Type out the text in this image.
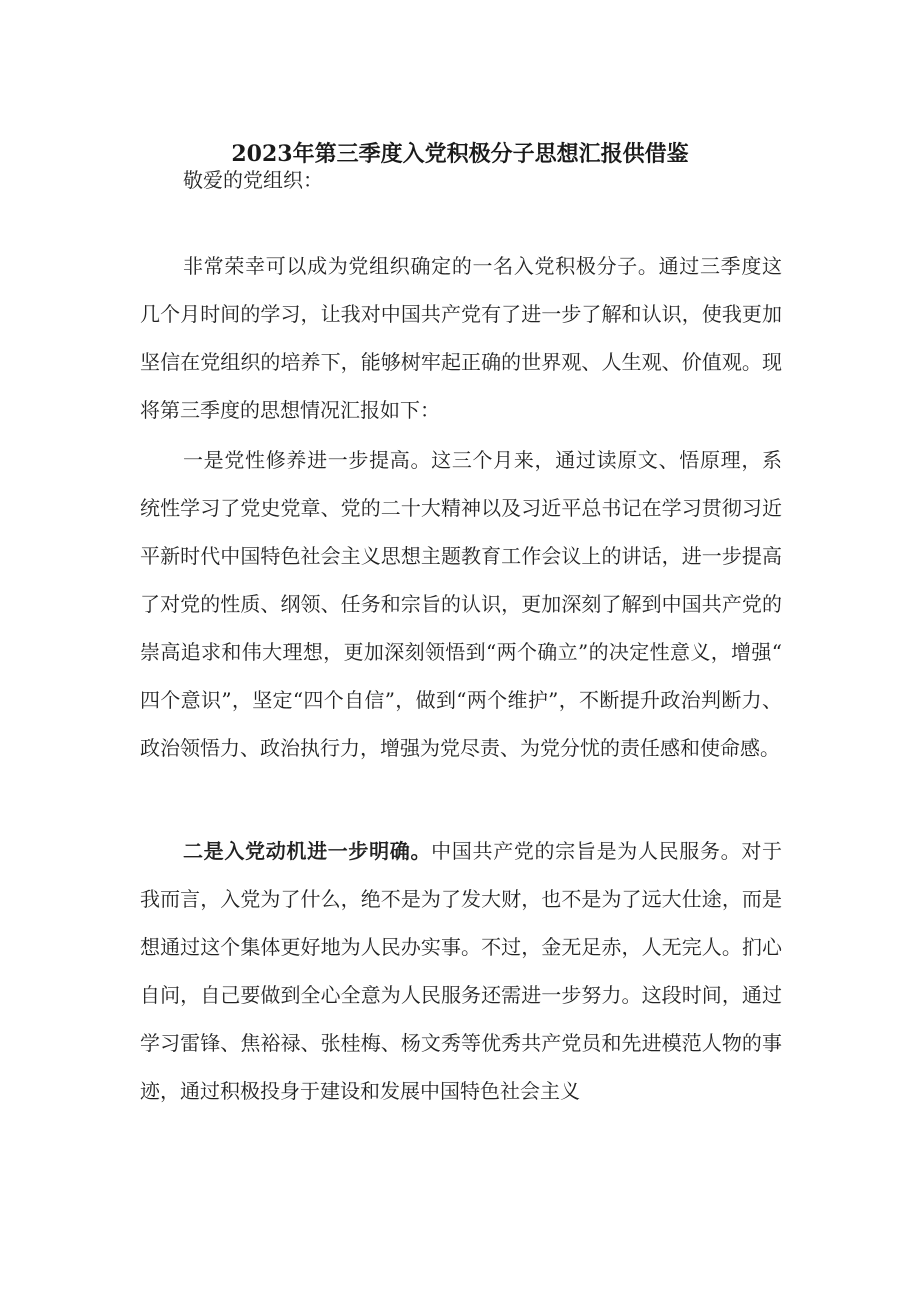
2023年第三季度入党积极分子思想汇报供借鉴
敬爱的党组织：

非常荣幸可以成为党组织确定的一名入党积极分子。通过三季度这几个月时间的学习，让我对中国共产党有了进一步了解和认识，使我更加坚信在党组织的培养下，能够树牢起正确的世界观、人生观、价值观。现将第三季度的思想情况汇报如下：

一是党性修养进一步提高。这三个月来，通过读原文、悟原理，系统性学习了党史党章、党的二十大精神以及习近平总书记在学习贯彻习近平新时代中国特色社会主义思想主题教育工作会议上的讲话，进一步提高了对党的性质、纲领、任务和宗旨的认识，更加深刻了解到中国共产党的崇高追求和伟大理想，更加深刻领悟到“两个确立”的决定性意义，增强“四个意识”，坚定“四个自信”，做到“两个维护”，不断提升政治判断力、政治领悟力、政治执行力，增强为党尽责、为党分忧的责任感和使命感。

二是入党动机进一步明确。中国共产党的宗旨是为人民服务。对于我而言，入党为了什么，绝不是为了发大财，也不是为了远大仕途，而是想通过这个集体更好地为人民办实事。不过，金无足赤，人无完人。扪心自问，自己要做到全心全意为人民服务还需进一步努力。这段时间，通过学习雷锋、焦裕禄、张桂梅、杨文秀等优秀共产党员和先进模范人物的事迹，通过积极投身于建设和发展中国特色社会主义
